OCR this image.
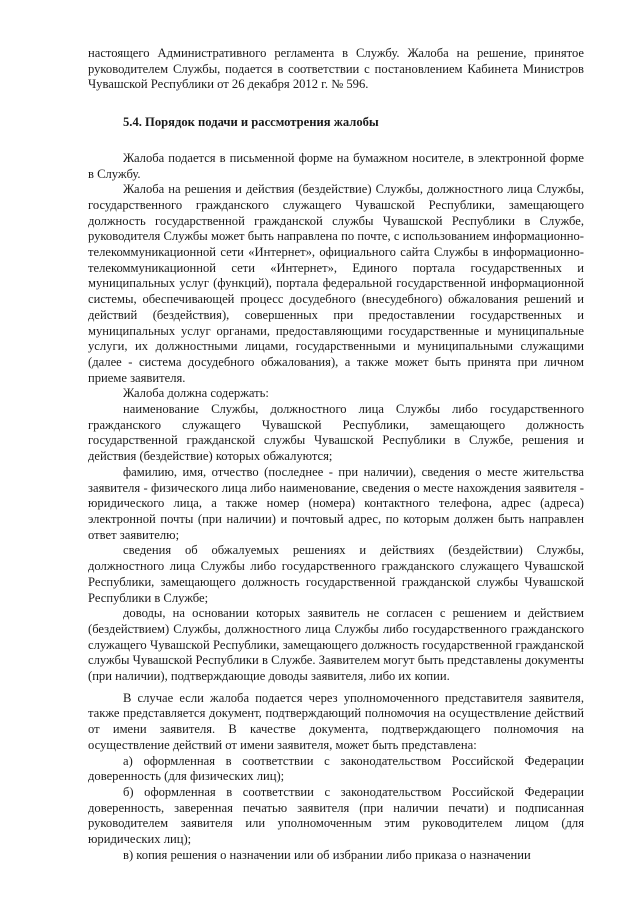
настоящего Административного регламента в Службу. Жалоба на решение, принятое руководителем Службы, подается в соответствии с постановлением Кабинета Министров Чувашской Республики от 26 декабря 2012 г. № 596.

5.4. Порядок подачи и рассмотрения жалобы

Жалоба подается в письменной форме на бумажном носителе, в электронной форме в Службу.

Жалоба на решения и действия (бездействие) Службы, должностного лица Службы, государственного гражданского служащего Чувашской Республики, замещающего должность государственной гражданской службы Чувашской Республики в Службе, руководителя Службы может быть направлена по почте, с использованием информационно-телекоммуникационной сети «Интернет», официального сайта Службы в информационно-телекоммуникационной сети «Интернет», Единого портала государственных и муниципальных услуг (функций), портала федеральной государственной информационной системы, обеспечивающей процесс досудебного (внесудебного) обжалования решений и действий (бездействия), совершенных при предоставлении государственных и муниципальных услуг органами, предоставляющими государственные и муниципальные услуги, их должностными лицами, государственными и муниципальными служащими (далее - система досудебного обжалования), а также может быть принята при личном приеме заявителя.

Жалоба должна содержать:

наименование Службы, должностного лица Службы либо государственного гражданского служащего Чувашской Республики, замещающего должность государственной гражданской службы Чувашской Республики в Службе, решения и действия (бездействие) которых обжалуются;

фамилию, имя, отчество (последнее - при наличии), сведения о месте жительства заявителя - физического лица либо наименование, сведения о месте нахождения заявителя - юридического лица, а также номер (номера) контактного телефона, адрес (адреса) электронной почты (при наличии) и почтовый адрес, по которым должен быть направлен ответ заявителю;

сведения об обжалуемых решениях и действиях (бездействии) Службы, должностного лица Службы либо государственного гражданского служащего Чувашской Республики, замещающего должность государственной гражданской службы Чувашской Республики в Службе;

доводы, на основании которых заявитель не согласен с решением и действием (бездействием) Службы, должностного лица Службы либо государственного гражданского служащего Чувашской Республики, замещающего должность государственной гражданской службы Чувашской Республики в Службе. Заявителем могут быть представлены документы (при наличии), подтверждающие доводы заявителя, либо их копии.

В случае если жалоба подается через уполномоченного представителя заявителя, также представляется документ, подтверждающий полномочия на осуществление действий от имени заявителя. В качестве документа, подтверждающего полномочия на осуществление действий от имени заявителя, может быть представлена:

а) оформленная в соответствии с законодательством Российской Федерации доверенность (для физических лиц);

б) оформленная в соответствии с законодательством Российской Федерации доверенность, заверенная печатью заявителя (при наличии печати) и подписанная руководителем заявителя или уполномоченным этим руководителем лицом (для юридических лиц);

в) копия решения о назначении или об избрании либо приказа о назначении
